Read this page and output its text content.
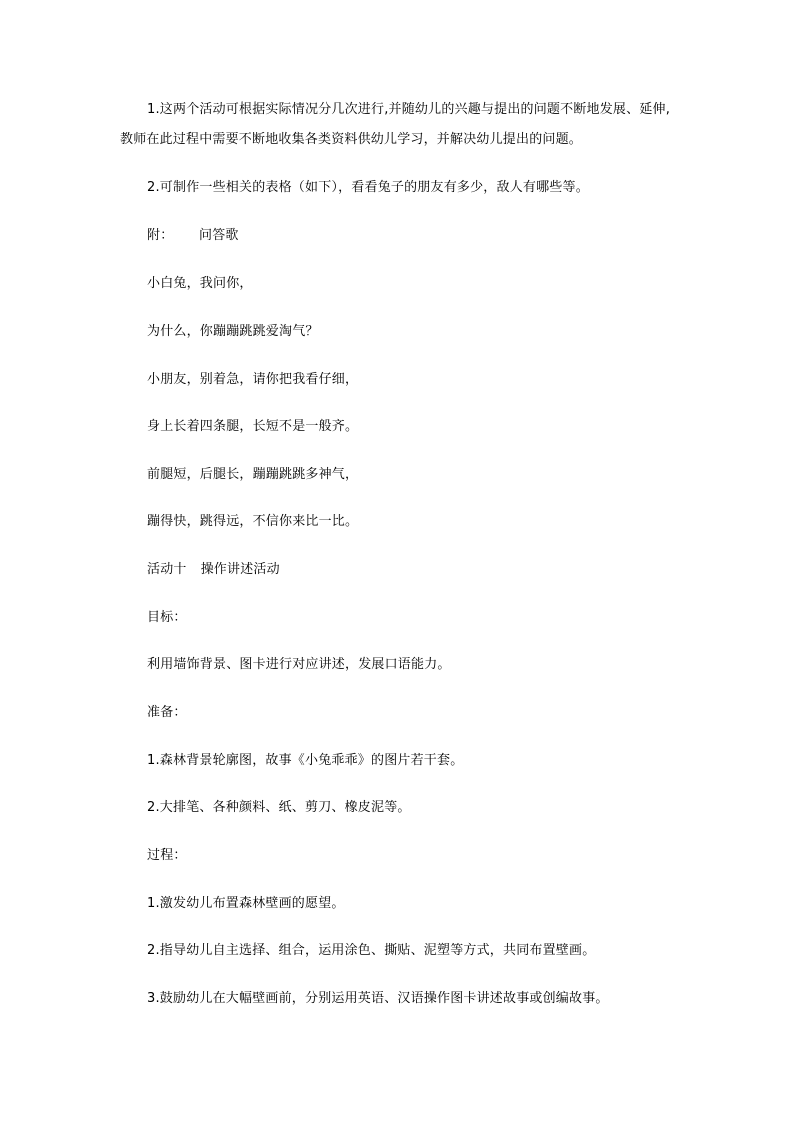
1.这两个活动可根据实际情况分几次进行,并随幼儿的兴趣与提出的问题不断地发展、延伸,
教师在此过程中需要不断地收集各类资料供幼儿学习，并解决幼儿提出的问题。
2.可制作一些相关的表格（如下），看看兔子的朋友有多少，敌人有哪些等。
附： 问答歌
小白兔，我问你，
为什么，你蹦蹦跳跳爱淘气？
小朋友，别着急，请你把我看仔细，
身上长着四条腿，长短不是一般齐。
前腿短，后腿长，蹦蹦跳跳多神气，
蹦得快，跳得远，不信你来比一比。
活动十 操作讲述活动
目标：
利用墙饰背景、图卡进行对应讲述，发展口语能力。
准备：
1.森林背景轮廓图，故事《小兔乖乖》的图片若干套。
2.大排笔、各种颜料、纸、剪刀、橡皮泥等。
过程：
1.激发幼儿布置森林壁画的愿望。
2.指导幼儿自主选择、组合，运用涂色、撕贴、泥塑等方式，共同布置壁画。
3.鼓励幼儿在大幅壁画前，分别运用英语、汉语操作图卡讲述故事或创编故事。
